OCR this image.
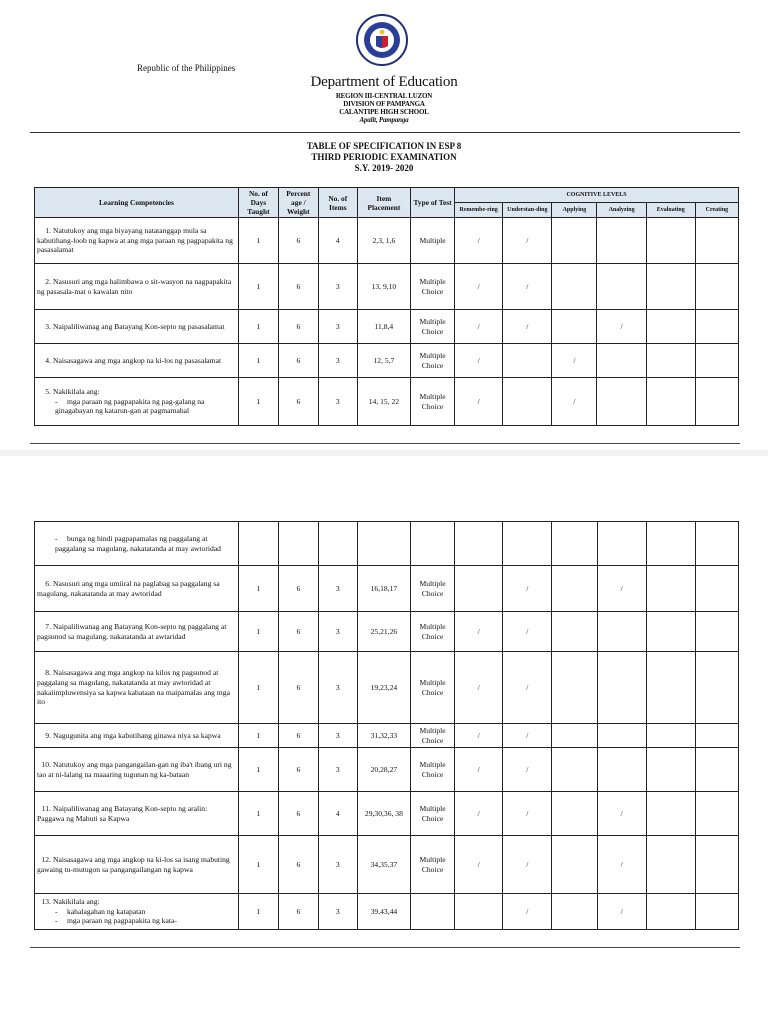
Republic of the Philippines
Department of Education
REGION III-CENTRAL LUZON
DIVISION OF PAMPANGA
CALANTIPE HIGH SCHOOL
Apalit, Pampanga
TABLE OF SPECIFICATION IN ESP 8
THIRD PERIODIC EXAMINATION
S.Y. 2019- 2020
Learning Competencies	No. of Days Taught	Percent age / Weight	No. of Items	Item Placement	Type of Test	COGNITIVE LEVELS					
						Remembe-ring	Understan-ding	Applying	Analyzing	Evaluating	Creating
1. Natutukoy ang mga biyayang natatanggap mula sa kabutihang-loob ng kapwa at ang mga paraan ng pagpapakita ng pasasalamat	1	6	4	2,3, 1,6	Multiple	/	/				
2. Nasusuri ang mga halimbawa o sit-wasyon na nagpapakita ng pasasala-mat o kawalan nito	1	6	3	13, 9,10	Multiple Choice	/	/				
3. Naipaliliwanag ang Batayang Kon-septo ng pasasalamat	1	6	3	11,8,4	Multiple Choice	/	/		/		
4. Naisasagawa ang mga angkop na ki-los ng pasasalamat	1	6	3	12, 5,7	Multiple Choice	/		/			
5. Nakikilala ang:
- mga paraan ng pagpapakita ng pag-galang na ginagabayan ng katarun-gan at pagmamahal	1	6	3	14, 15, 22	Multiple Choice	/		/			
- bunga ng hindi pagpapamalas ng paggalang at paggalang sa magulang, nakatatanda at may awtoridad											

6. Nasusuri ang mga umiiral na paglabag sa paggalang sa magulang, nakatatanda at may awtoridad	1	6	3	16,18,17	Multiple Choice		/		/		
7. Naipaliliwanag ang Batayang Kon-septo ng paggalang at pagsunod sa magulang, nakatatanda at awtaridad	1	6	3	25,21,26	Multiple Choice	/	/				
8. Naisasagawa ang mga angkop na kilos ng pagsunod at paggalang sa magulang, nakatatanda at may awtoridad at nakaiimpluwensiya sa kapwa kabataan na maipamalas ang mga ito	1	6	3	19,23,24	Multiple Choice	/	/				
9. Nagugunita ang mga kabutihang ginawa niya sa kapwa	1	6	3	31,32,33	Multiple Choice	/	/				
10. Natutukoy ang mga pangangailan-gan ng iba't ibang uri ng tao at ni-lalang na maaaring tugunan ng ka-bataan	1	6	3	20,28,27	Multiple Choice	/	/				
11. Naipaliliwanag ang Batayang Kon-septo ng aralin: Paggawa ng Mabuti sa Kapwa	1	6	4	29,30,36, 38	Multiple Choice	/	/		/		
12. Naisasagawa ang mga angkop na ki-los sa isang mabuting gawaing tu-mutugon sa pangangailangan ng kapwa	1	6	3	34,35,37	Multiple Choice	/	/		/		
13. Nakikilala ang:
- kahalagahan ng katapatan
- mga paraan ng pagpapakita ng kata-	1	6	3	39,43,44			/		/		
